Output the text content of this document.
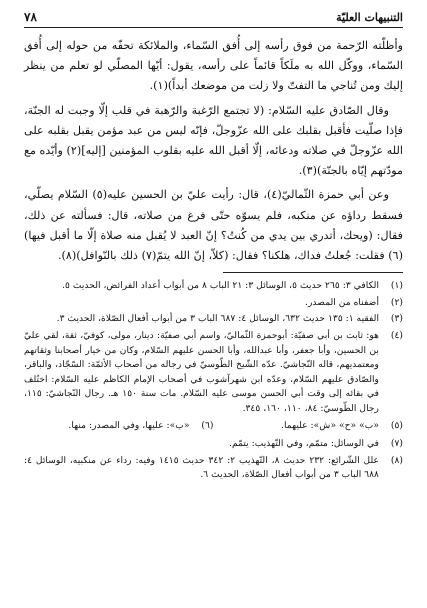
التنبيهات العليّة
٧٨

وأظلّته الرّحمة من فوق رأسه إلى أُفق السّماء، والملائكة تحفّه من حوله إلى أُفق السّماء، ووكّل الله به ملَكاً قائماً على رأسه، يقول: أيّها المصلّي لو تعلم من ينظر إليك ومن تُناجي ما التفتّ ولا زلت من موضعك أبداً)(١).

وقال الصّادق عليه السّلام: (لا تجتمع الرّغبة والرّهبة في قلب إلّا وجبت له الجنّة، فإذا صلّيت فأقبل بقلبك على الله عزّوجلّ، فإنّه ليس من عبد مؤمن يقبل بقلبه على الله عزّوجلّ في صلاته ودعائه، إلّا أقبل الله عليه بقلوب المؤمنين [إليه](٢) وأيّده مع مودّتهم إيّاه بالجنّة)(٣).

وعن أبي حمزة الثّماليّ(٤)، قال: رأيت عليّ بن الحسين عليه(٥) السّلام يصلّي، فسقط رداؤه عن منكبه، فلم يسوّه حتّى فرغ من صلاته، قال: فسألته عن ذلك، فقال: (ويحك، أتدري بين يدي من كُنتُ؟ إنّ العبد لا يُقبل منه صلاة إلّا ما أقبل فيها)(٦) فقلت: جُعلتُ فداك، هلكنا؟ فقال: (كلاّ، إنّ الله يتمّ(٧) ذلك بالنّوافل)(٨).

(١)
الكافي ٣: ٢٦٥ حديث ٥، الوسائل ٣: ٢١ الباب ٨ من أبواب أعداد الفرائض، الحديث ٥.
(٢)
أضفناه من المصدر.
(٣)
الفقيه ١: ١٣٥ حديث ٦٣٢، الوسائل ٤: ٦٨٧ الباب ٣ من أبواب أفعال الصّلاة، الحديث ٣.
(٤)
هو: ثابت بن أبي صفيّة: أبوحمزة الثّماليّ، واسم أبي صفيّة: دينار، مولى، كوفيّ، ثقة، لقي عليّ بن الحسين، وأبا جعفر، وأبا عبدالله، وأبا الحسن عليهم السّلام، وكان من خيار أصحابنا وثقاتهم ومعتمديهم، قاله النّجاشيّ. عدّه الشّيخ الطّوسيّ في رجاله من أصحاب الأئمّة: السّجّاد، والباقر، والصّادق عليهم السّلام، وعدّه ابن شهرآشوب في أصحاب الإمام الكاظم عليه السّلام: اختُلف في بقائه إلى وقت أبي الحسن موسى عليه السّلام. مات سنة ١٥٠ هـ. رجال النّجاشيّ: ١١٥، رجال الطّوسيّ: ٨٤، ١١٠، ١٦٠، ٣٤٥.
(٥)
«ب» «ح» «ش»: عليهما.
(٦)
«ب»: عليها، وفي المصدر: منها.
(٧)
في الوسائل: متمّم، وفي التّهذيب: يتمّم.
(٨)
علل الشّرائع: ٢٣٢ حديث ٨، التّهذيب ٢: ٣٤٢ حديث ١٤١٥ وفيه: رداء عن منكبيه، الوسائل ٤: ٦٨٨ الباب ٣ من أبواب أفعال الصّلاة، الحديث ٦.
